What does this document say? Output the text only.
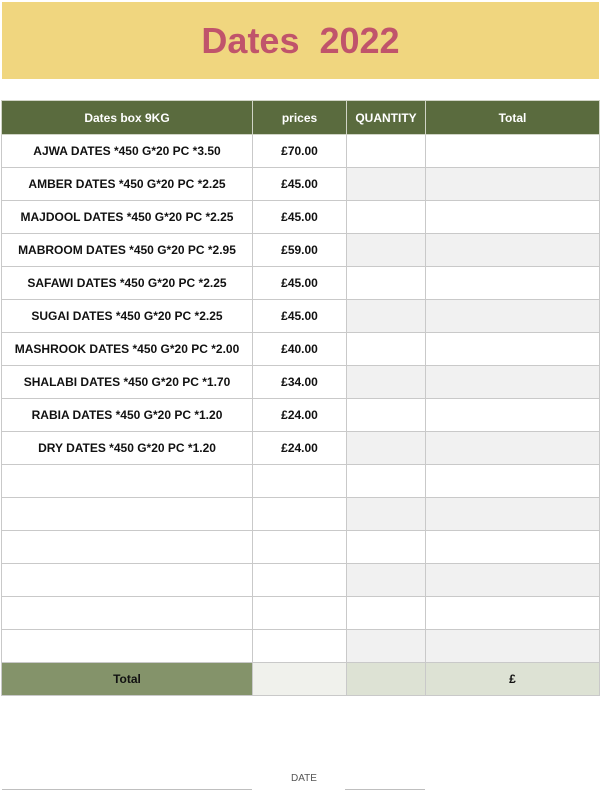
Dates  2022
Dates box 9KG	prices	QUANTITY	Total
AJWA DATES *450 G*20 PC *3.50	£70.00		
AMBER DATES *450 G*20 PC *2.25	£45.00		
MAJDOOL DATES *450 G*20 PC *2.25	£45.00		
MABROOM DATES *450 G*20 PC *2.95	£59.00		
SAFAWI DATES *450 G*20 PC *2.25	£45.00		
SUGAI DATES *450 G*20 PC *2.25	£45.00		
MASHROOK DATES *450 G*20 PC *2.00	£40.00		
SHALABI DATES *450 G*20 PC *1.70	£34.00		
RABIA DATES *450 G*20 PC *1.20	£24.00		
DRY DATES *450 G*20 PC *1.20	£24.00		

Total			£
DATE
